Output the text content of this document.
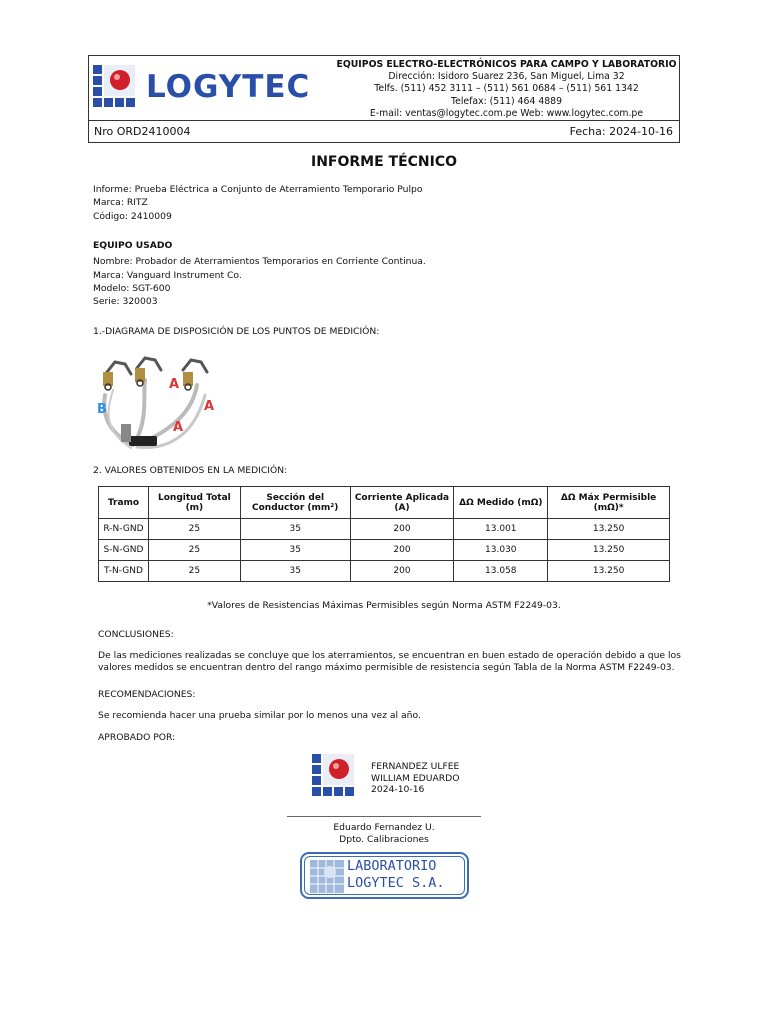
LOGYTEC
EQUIPOS ELECTRO-ELECTRÓNICOS PARA CAMPO Y LABORATORIO
Dirección: Isidoro Suarez 236, San Miguel, Lima 32
Telfs. (511) 452 3111 – (511) 561 0684 – (511) 561 1342
Telefax: (511) 464 4889
E-mail: ventas@logytec.com.pe Web: www.logytec.com.pe
Nro ORD2410004	Fecha: 2024-10-16
INFORME TÉCNICO
Informe: Prueba Eléctrica a Conjunto de Aterramiento Temporario Pulpo
Marca: RITZ
Código: 2410009
EQUIPO USADO
Nombre: Probador de Aterramientos Temporarios en Corriente Continua.
Marca: Vanguard Instrument Co.
Modelo: SGT-600
Serie: 320003
1.-DIAGRAMA DE DISPOSICIÓN DE LOS PUNTOS DE MEDICIÓN:
A
A
A
B
2. VALORES OBTENIDOS EN LA MEDICIÓN:
Tramo	Longitud Total (m)	Sección del Conductor (mm²)	Corriente Aplicada (A)	ΔΩ Medido (mΩ)	ΔΩ Máx Permisible (mΩ)*
R-N-GND	25	35	200	13.001	13.250
S-N-GND	25	35	200	13.030	13.250
T-N-GND	25	35	200	13.058	13.250
*Valores de Resistencias Máximas Permisibles según Norma ASTM F2249-03.
CONCLUSIONES:
De las mediciones realizadas se concluye que los aterramientos, se encuentran en buen estado de operación debido a que los valores medidos se encuentran dentro del rango máximo permisible de resistencia según Tabla de la Norma ASTM F2249-03.
RECOMENDACIONES:
Se recomienda hacer una prueba similar por lo menos una vez al año.
APROBADO POR:
FERNANDEZ ULFEE
WILLIAM EDUARDO
2024-10-16
Eduardo Fernandez U.
Dpto. Calibraciones
LABORATORIO
LOGYTEC S.A.
